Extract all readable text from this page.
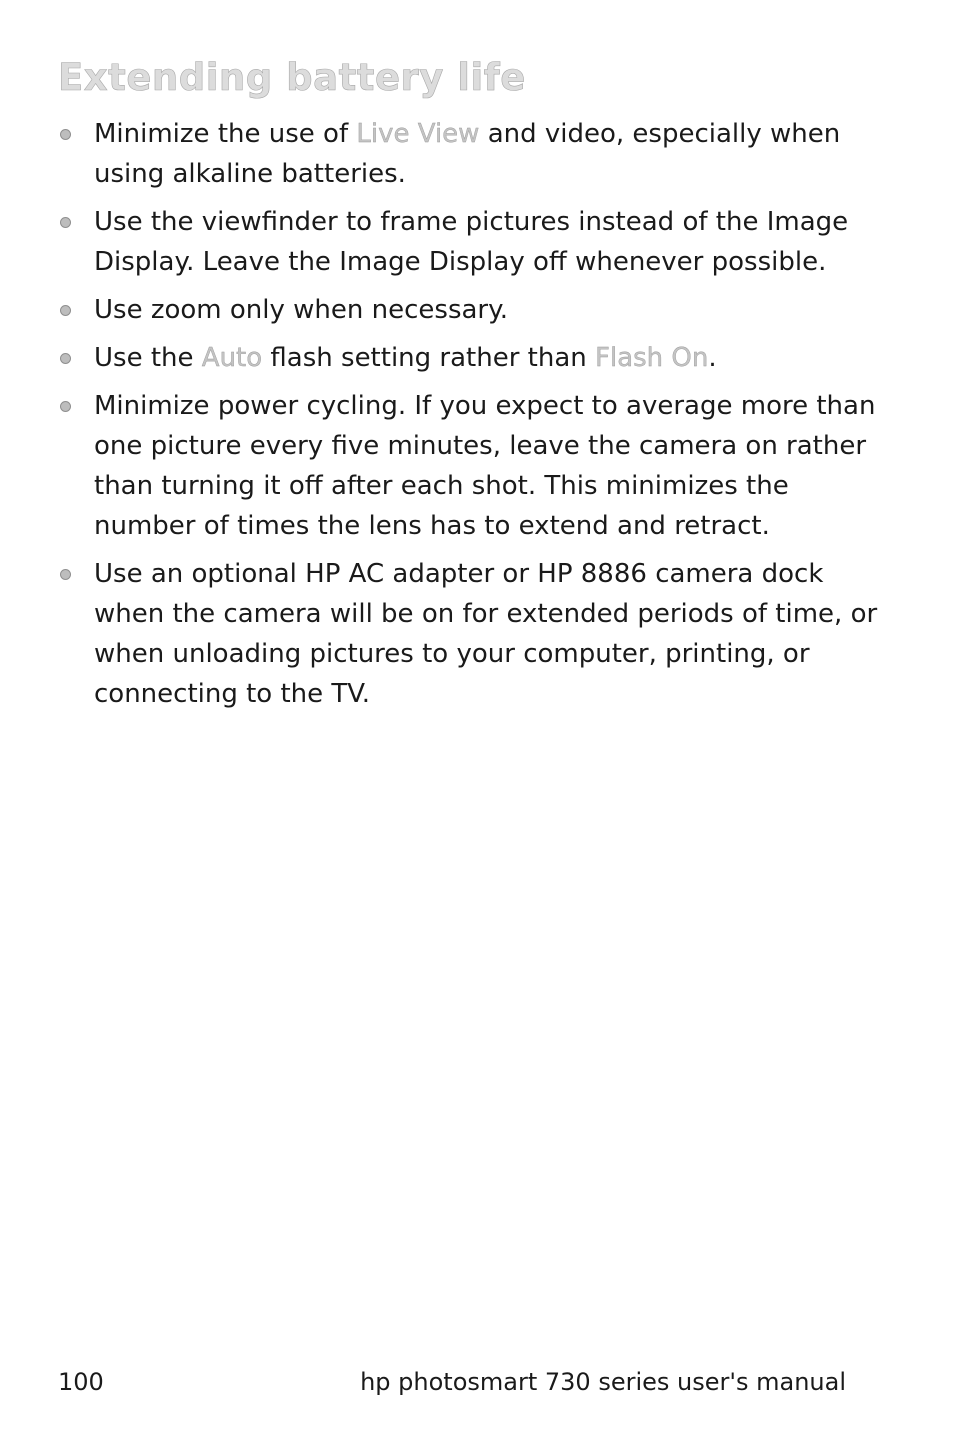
Extending battery life
Minimize the use of Live View and video, especially when using alkaline batteries.
Use the viewfinder to frame pictures instead of the Image Display. Leave the Image Display off whenever possible.
Use zoom only when necessary.
Use the Auto flash setting rather than Flash On.
Minimize power cycling. If you expect to average more than one picture every five minutes, leave the camera on rather than turning it off after each shot. This minimizes the number of times the lens has to extend and retract.
Use an optional HP AC adapter or HP 8886 camera dock when the camera will be on for extended periods of time, or when unloading pictures to your computer, printing, or connecting to the TV.
100	hp photosmart 730 series user's manual
